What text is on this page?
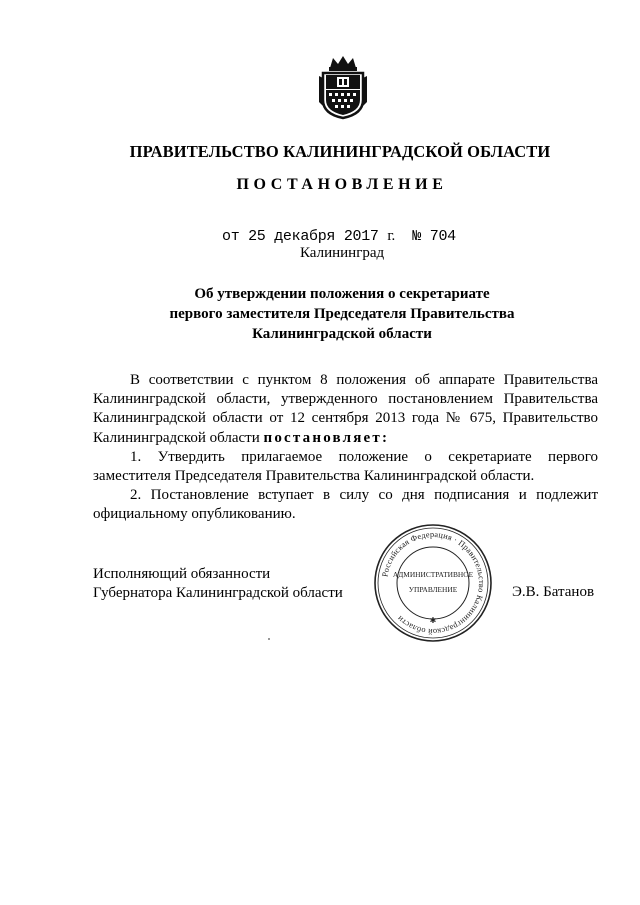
ПРАВИТЕЛЬСТВО КАЛИНИНГРАДСКОЙ ОБЛАСТИ
ПОСТАНОВЛЕНИЕ
от 25 декабря 2017 г. № 704
Калининград
Об утверждении положения о секретариате
первого заместителя Председателя Правительства
Калининградской области

В соответствии с пунктом 8 положения об аппарате Правительства Калининградской области, утвержденного постановлением Правительства Калининградской области от 12 сентября 2013 года № 675, Правительство Калининградской области постановляет:

1. Утвердить прилагаемое положение о секретариате первого заместителя Председателя Правительства Калининградской области.

2. Постановление вступает в силу со дня подписания и подлежит официальному опубликованию.

Исполняющий обязанности
Губернатора Калининградской области	Э.В. Батанов
Российская Федерация · Правительство Калининградской области
АДМИНИСТРАТИВНОЕ
УПРАВЛЕНИЕ
✱
